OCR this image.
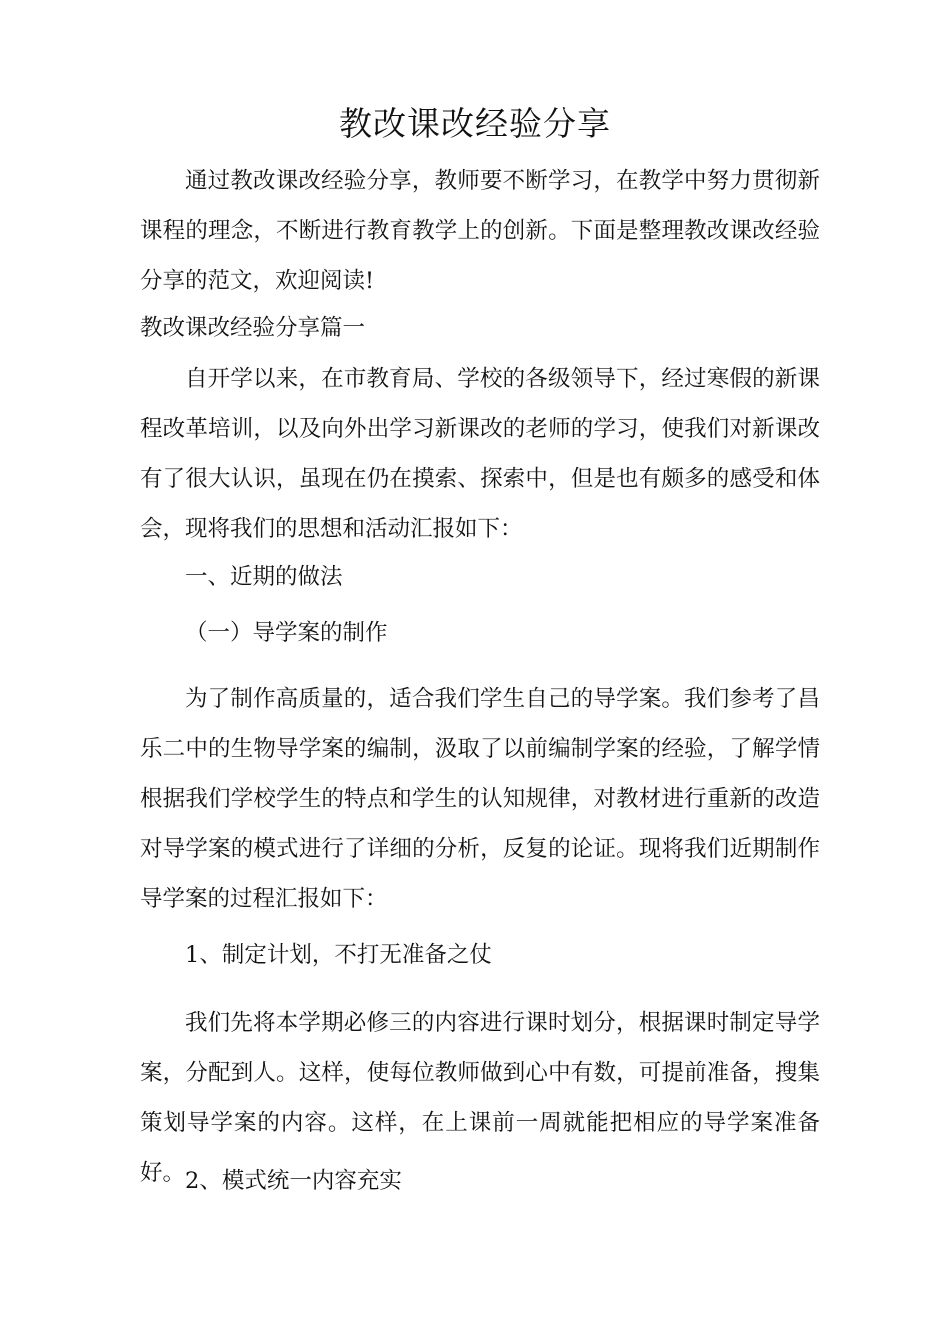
教改课改经验分享

通过教改课改经验分享，教师要不断学习，在教学中努力贯彻新课程的理念，不断进行教育教学上的创新。下面是整理教改课改经验分享的范文，欢迎阅读!

教改课改经验分享篇一

自开学以来，在市教育局、学校的各级领导下，经过寒假的新课程改革培训，以及向外出学习新课改的老师的学习，使我们对新课改有了很大认识，虽现在仍在摸索、探索中，但是也有颇多的感受和体会，现将我们的思想和活动汇报如下：

一、近期的做法

（一）导学案的制作

为了制作高质量的，适合我们学生自己的导学案。我们参考了昌乐二中的生物导学案的编制，汲取了以前编制学案的经验，了解学情根据我们学校学生的特点和学生的认知规律，对教材进行重新的改造对导学案的模式进行了详细的分析，反复的论证。现将我们近期制作导学案的过程汇报如下：

1、制定计划，不打无准备之仗

我们先将本学期必修三的内容进行课时划分，根据课时制定导学案，分配到人。这样，使每位教师做到心中有数，可提前准备，搜集策划导学案的内容。这样，在上课前一周就能把相应的导学案准备好。 2、模式统一内容充实
